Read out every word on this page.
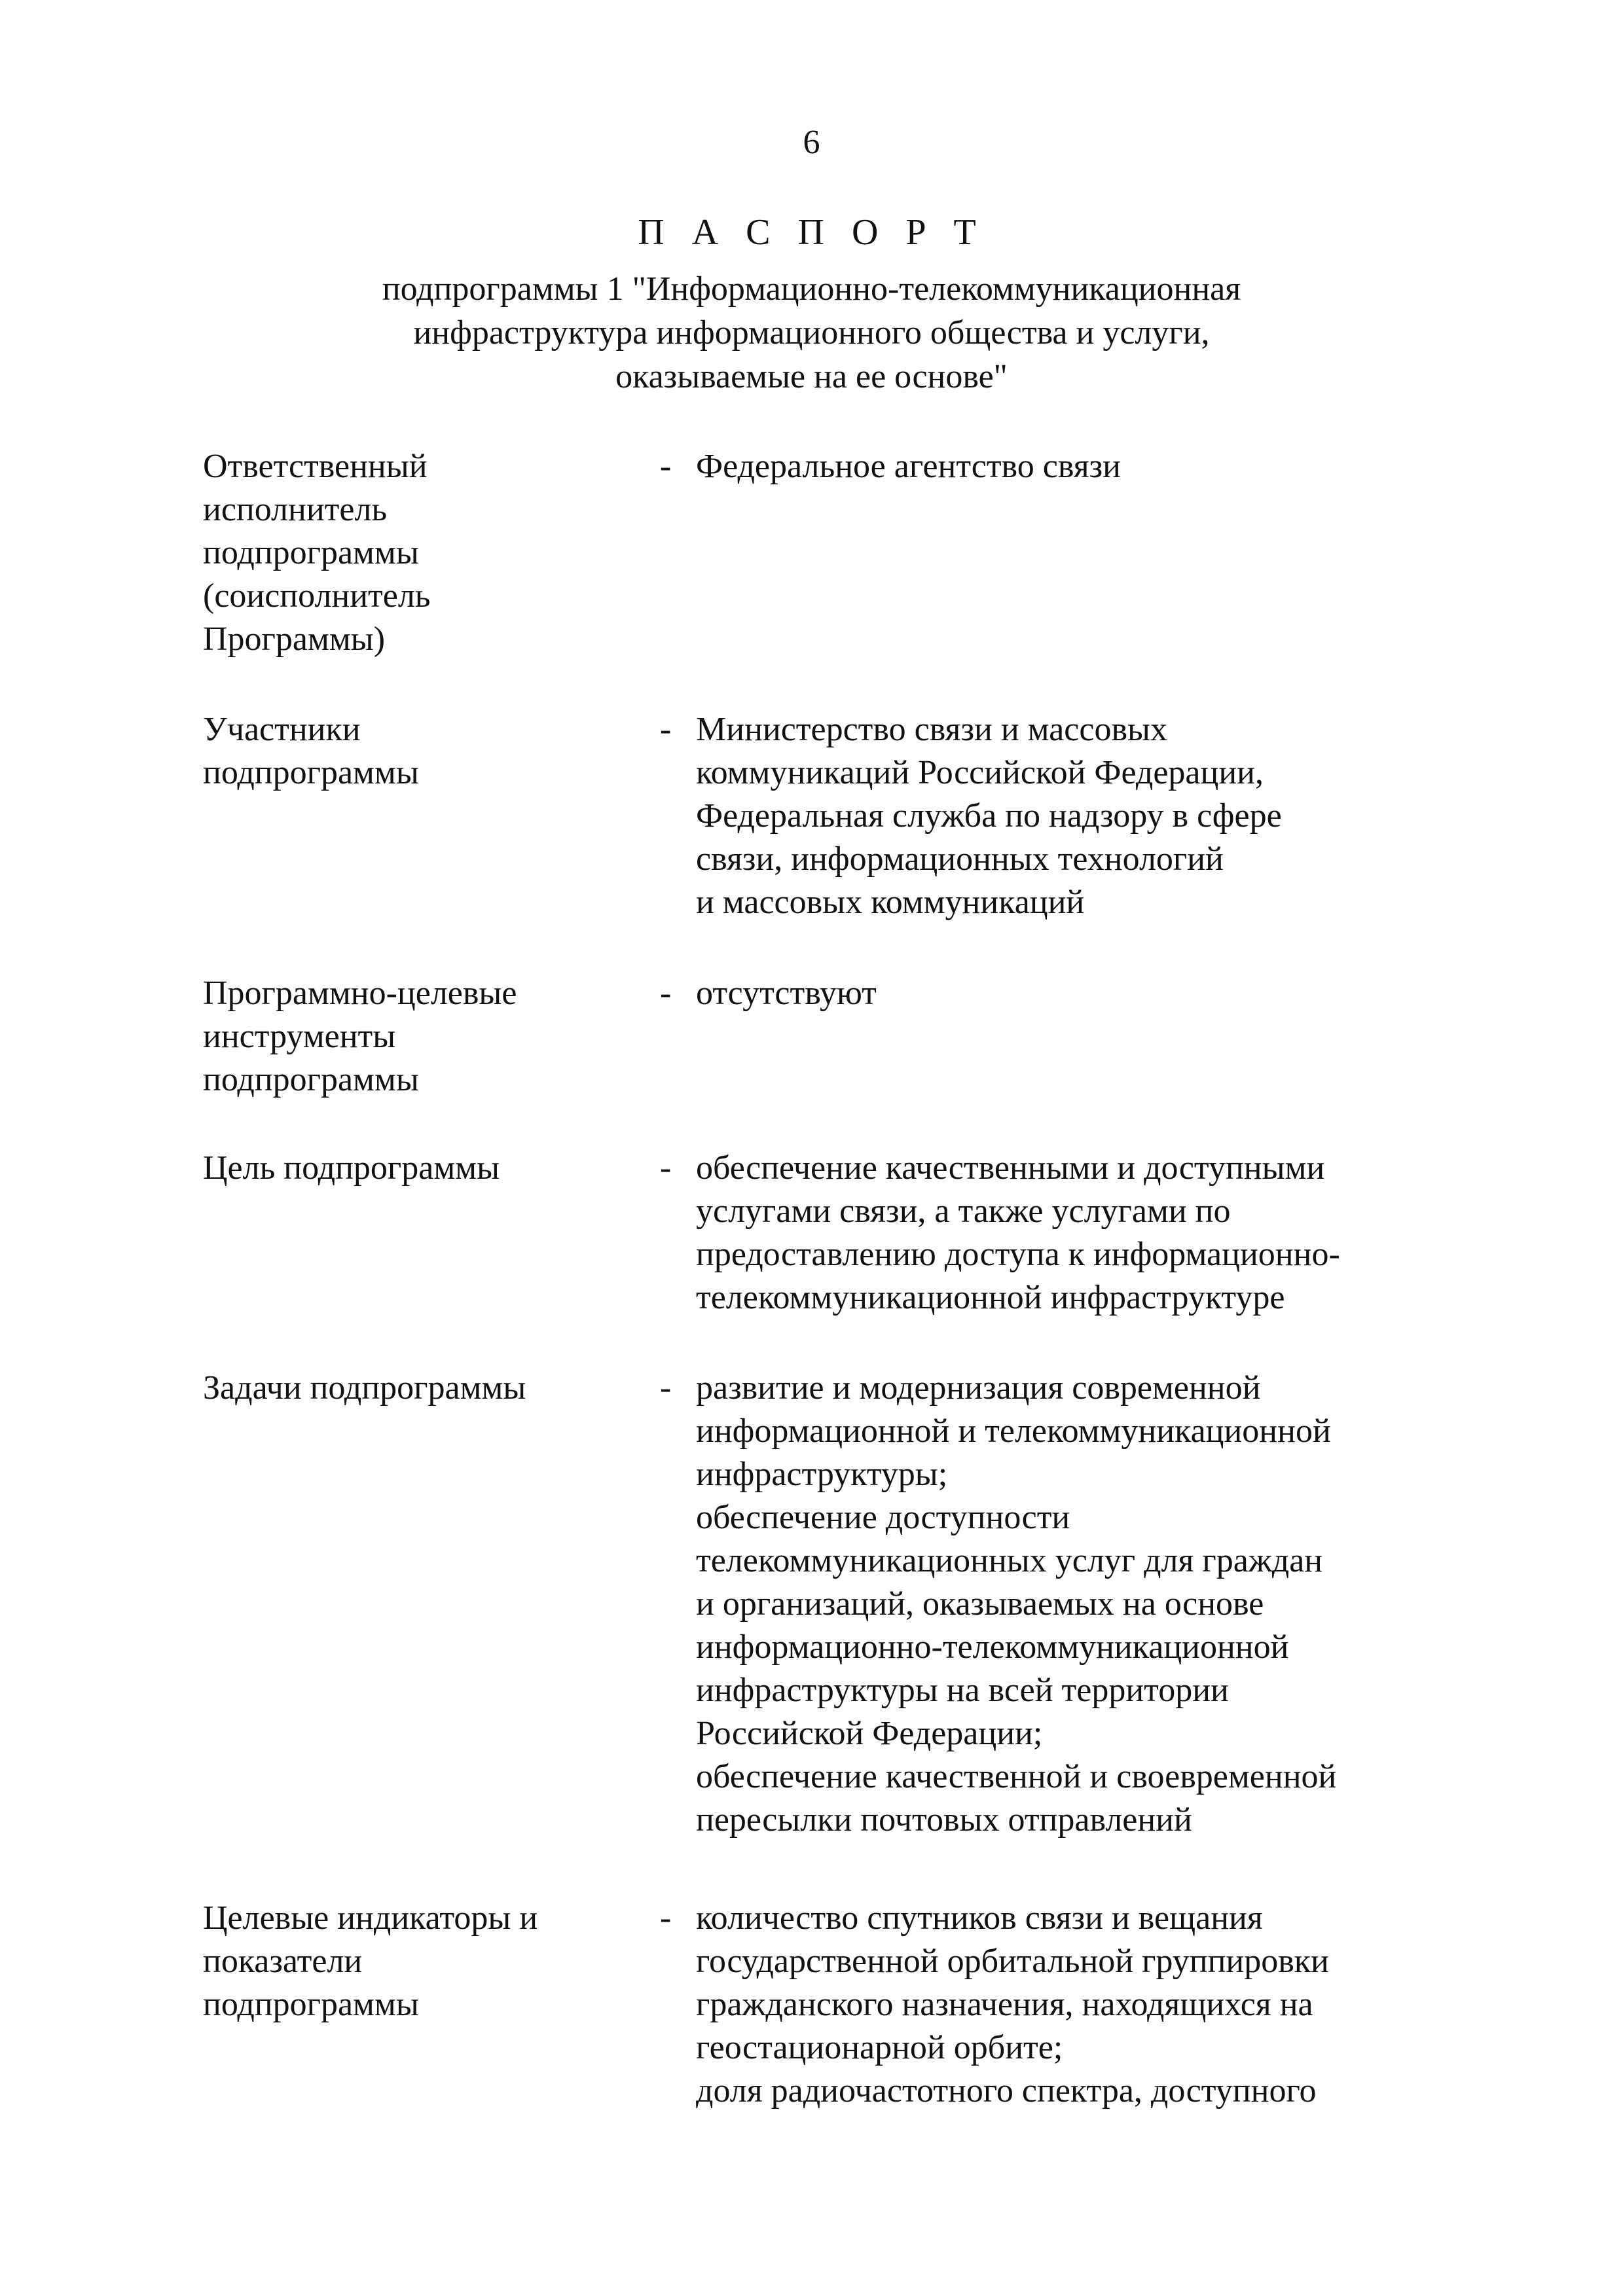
6
П А С П О Р Т
подпрограммы 1 "Информационно-телекоммуникационная
инфраструктура информационного общества и услуги,
оказываемые на ее основе"
Ответственный
исполнитель
подпрограммы
(соисполнитель
Программы)
- Федеральное агентство связи
Участники
подпрограммы
- Министерство связи и массовых
коммуникаций Российской Федерации,
Федеральная служба по надзору в сфере
связи, информационных технологий
и массовых коммуникаций
Программно-целевые
инструменты
подпрограммы
- отсутствуют
Цель подпрограммы	- обеспечение качественными и доступными
услугами связи, а также услугами по
предоставлению доступа к информационно-
телекоммуникационной инфраструктуре
Задачи подпрограммы	- развитие и модернизация современной
информационной и телекоммуникационной
инфраструктуры;
обеспечение доступности
телекоммуникационных услуг для граждан
и организаций, оказываемых на основе
информационно-телекоммуникационной
инфраструктуры на всей территории
Российской Федерации;
обеспечение качественной и своевременной
пересылки почтовых отправлений
Целевые индикаторы и
показатели
подпрограммы
- количество спутников связи и вещания
государственной орбитальной группировки
гражданского назначения, находящихся на
геостационарной орбите;
доля радиочастотного спектра, доступного
